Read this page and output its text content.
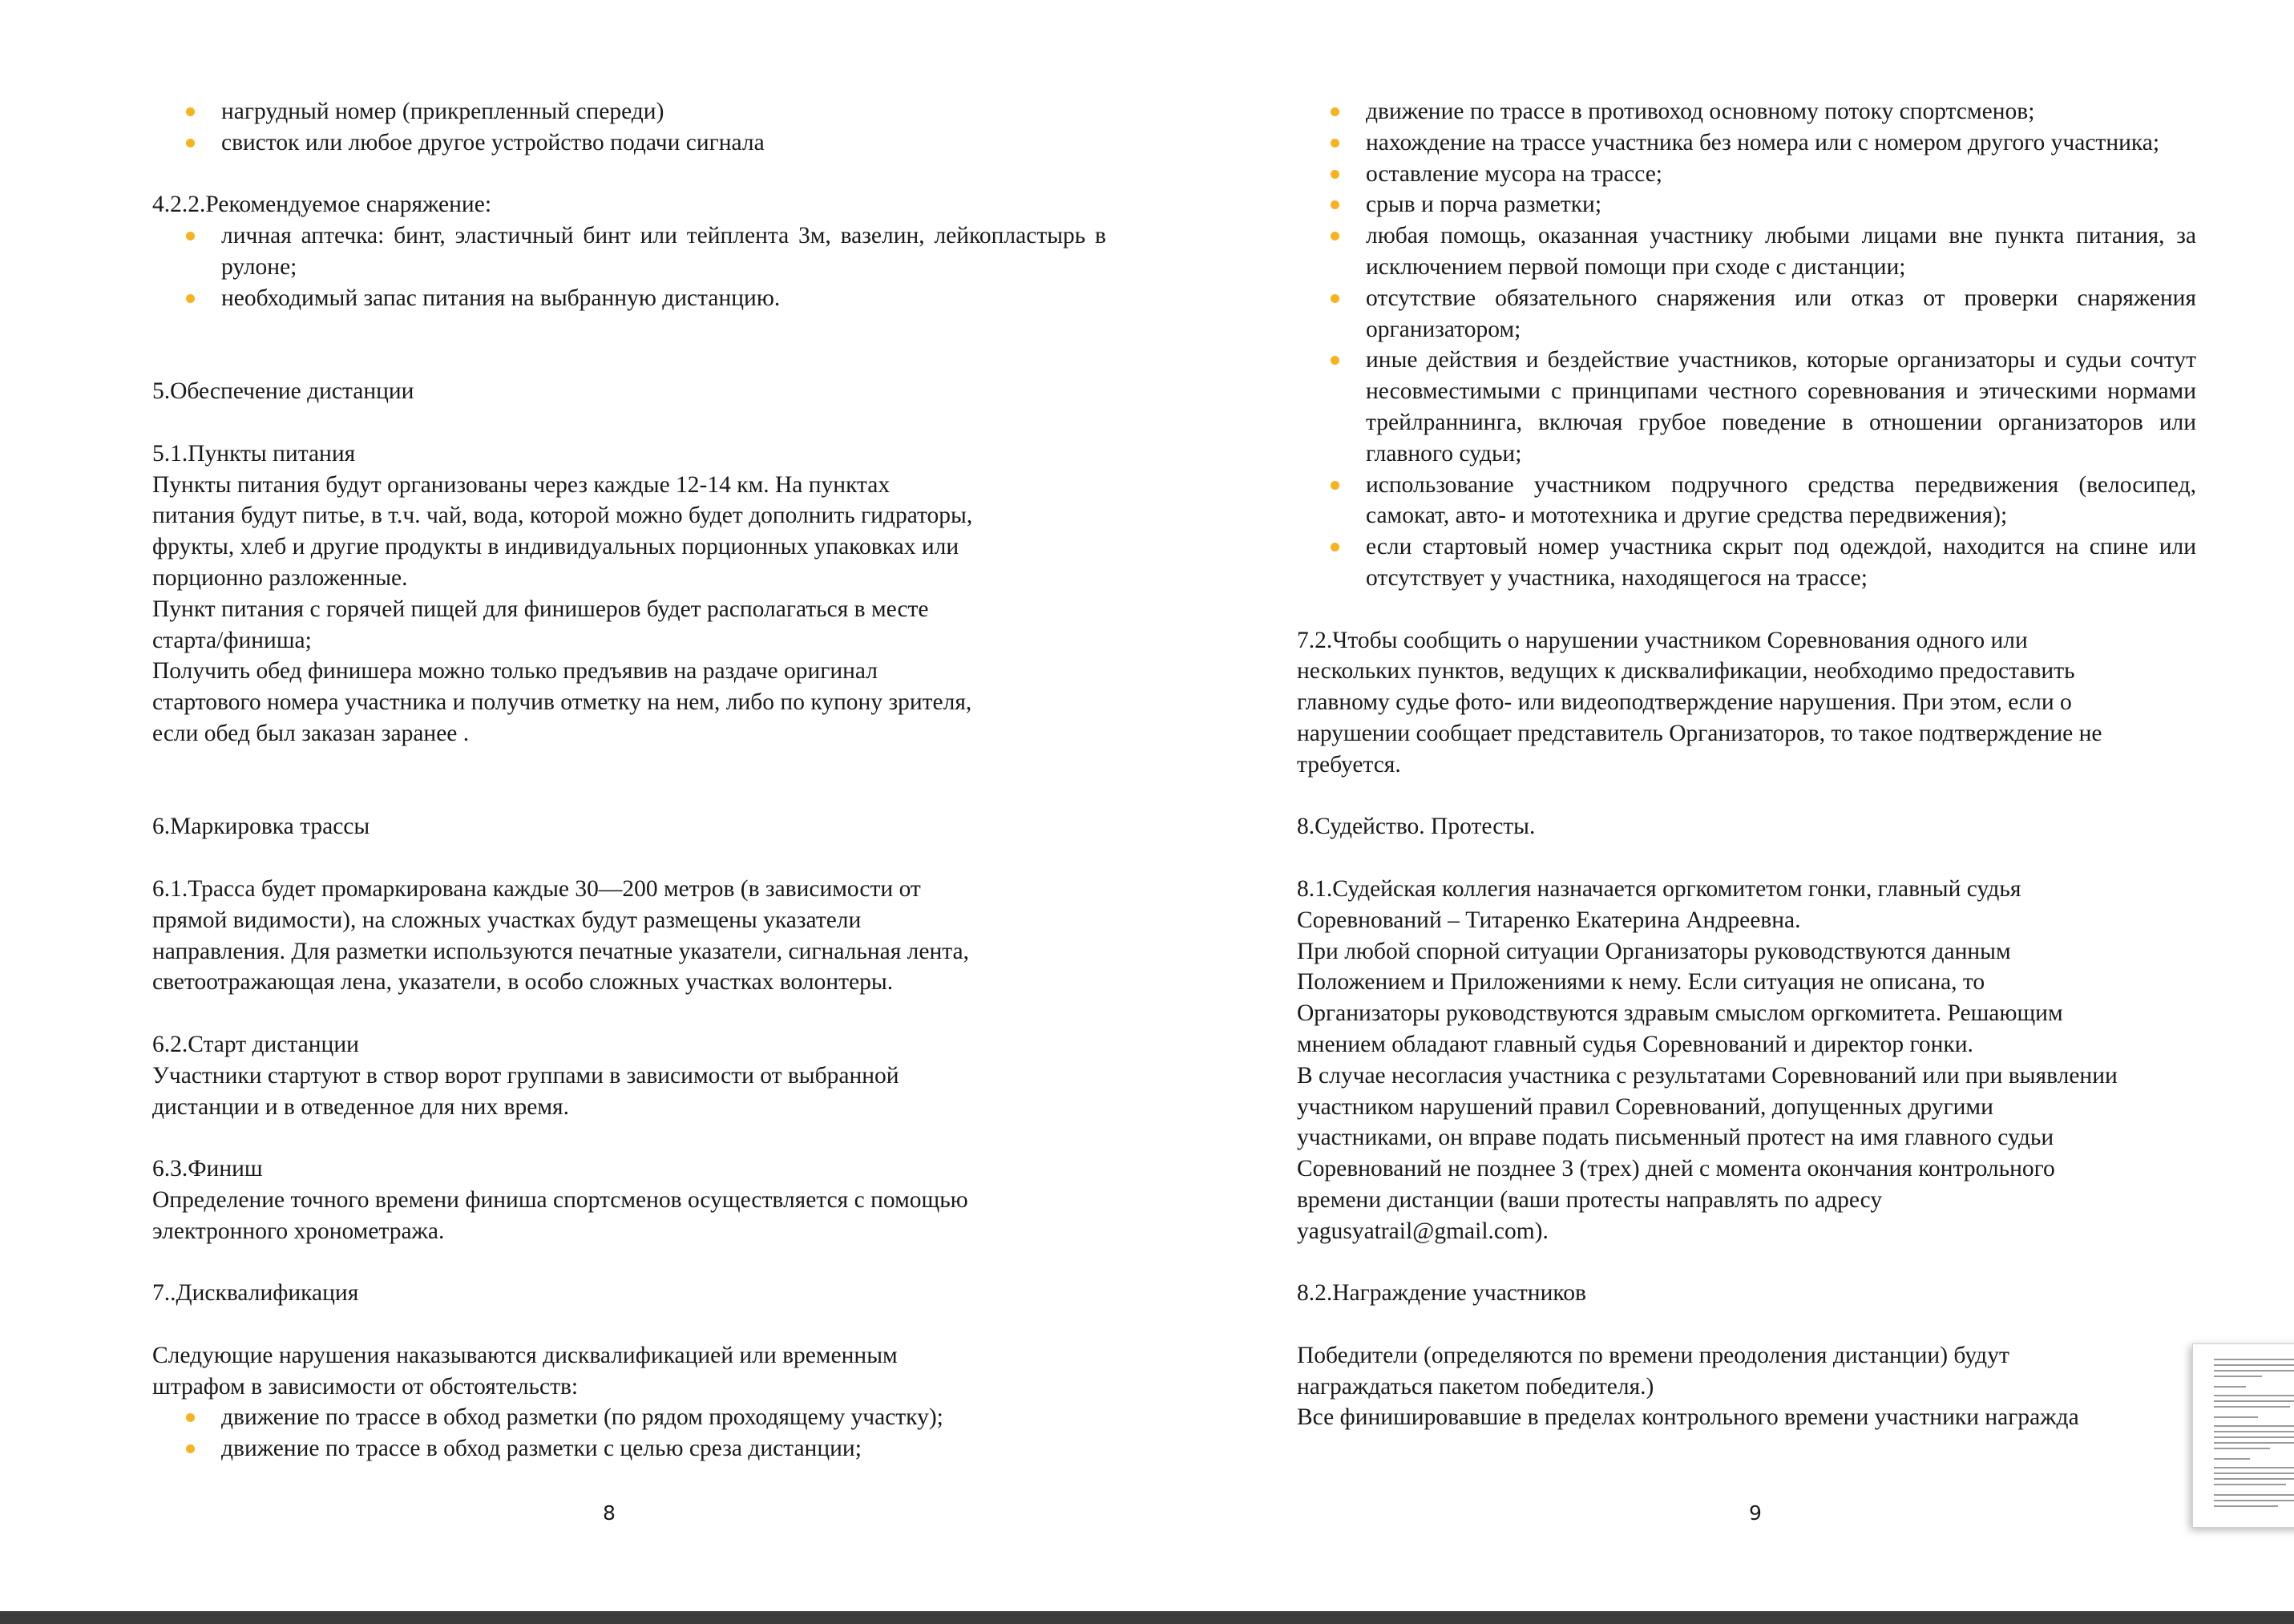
нагрудный номер (прикрепленный спереди)
свисток или любое другое устройство подачи сигнала

4.2.2.Рекомендуемое снаряжение:

личная аптечка: бинт, эластичный бинт или тейплента 3м, вазелин, лейкопластырь в рулоне;
необходимый запас питания на выбранную дистанцию.

5.Обеспечение дистанции

5.1.Пункты питания

Пункты питания будут организованы через каждые 12-14 км. На пунктах

питания будут питье, в т.ч. чай, вода, которой можно будет дополнить гидраторы,

фрукты, хлеб и другие продукты в индивидуальных порционных упаковках или

порционно разложенные.

Пункт питания с горячей пищей для финишеров будет располагаться в месте

старта/финиша;

Получить обед финишера можно только предъявив на раздаче оригинал

стартового номера участника и получив отметку на нем, либо по купону зрителя,

если обед был заказан заранее .

6.Маркировка трассы

6.1.Трасса будет промаркирована каждые 30—200 метров (в зависимости от

прямой видимости), на сложных участках будут размещены указатели

направления. Для разметки используются печатные указатели, сигнальная лента,

светоотражающая лена, указатели, в особо сложных участках волонтеры.

6.2.Старт дистанции

Участники стартуют в створ ворот группами в зависимости от выбранной

дистанции и в отведенное для них время.

6.3.Финиш

Определение точного времени финиша спортсменов осуществляется с помощью

электронного хронометража.

7..Дисквалификация

Следующие нарушения наказываются дисквалификацией или временным

штрафом в зависимости от обстоятельств:

движение по трассе в обход разметки (по рядом проходящему участку);
движение по трассе в обход разметки с целью среза дистанции;
8
движение по трассе в противоход основному потоку спортсменов;
нахождение на трассе участника без номера или с номером другого участника;
оставление мусора на трассе;
срыв и порча разметки;
любая помощь, оказанная участнику любыми лицами вне пункта питания, за исключением первой помощи при сходе с дистанции;
отсутствие обязательного снаряжения или отказ от проверки снаряжения организатором;
иные действия и бездействие участников, которые организаторы и судьи сочтут несовместимыми с принципами честного соревнования и этическими нормами трейлраннинга, включая грубое поведение в отношении организаторов или главного судьи;
использование участником подручного средства передвижения (велосипед, самокат, авто- и мототехника и другие средства передвижения);
если стартовый номер участника скрыт под одеждой, находится на спине или отсутствует у участника, находящегося на трассе;

7.2.Чтобы сообщить о нарушении участником Соревнования одного или

нескольких пунктов, ведущих к дисквалификации, необходимо предоставить

главному судье фото- или видеоподтверждение нарушения. При этом, если о

нарушении сообщает представитель Организаторов, то такое подтверждение не

требуется.

8.Судейство. Протесты.

8.1.Судейская коллегия назначается оргкомитетом гонки, главный судья

Соревнований – Титаренко Екатерина Андреевна.

При любой спорной ситуации Организаторы руководствуются данным

Положением и Приложениями к нему. Если ситуация не описана, то

Организаторы руководствуются здравым смыслом оргкомитета. Решающим

мнением обладают главный судья Соревнований и директор гонки.

В случае несогласия участника с результатами Соревнований или при выявлении

участником нарушений правил Соревнований, допущенных другими

участниками, он вправе подать письменный протест на имя главного судьи

Соревнований не позднее 3 (трех) дней с момента окончания контрольного

времени дистанции (ваши протесты направлять по адресу

yagusyatrail@gmail.com).

8.2.Награждение участников

Победители (определяются по времени преодоления дистанции) будут

награждаться пакетом победителя.)

Все финишировавшие в пределах контрольного времени участники награжда

9
